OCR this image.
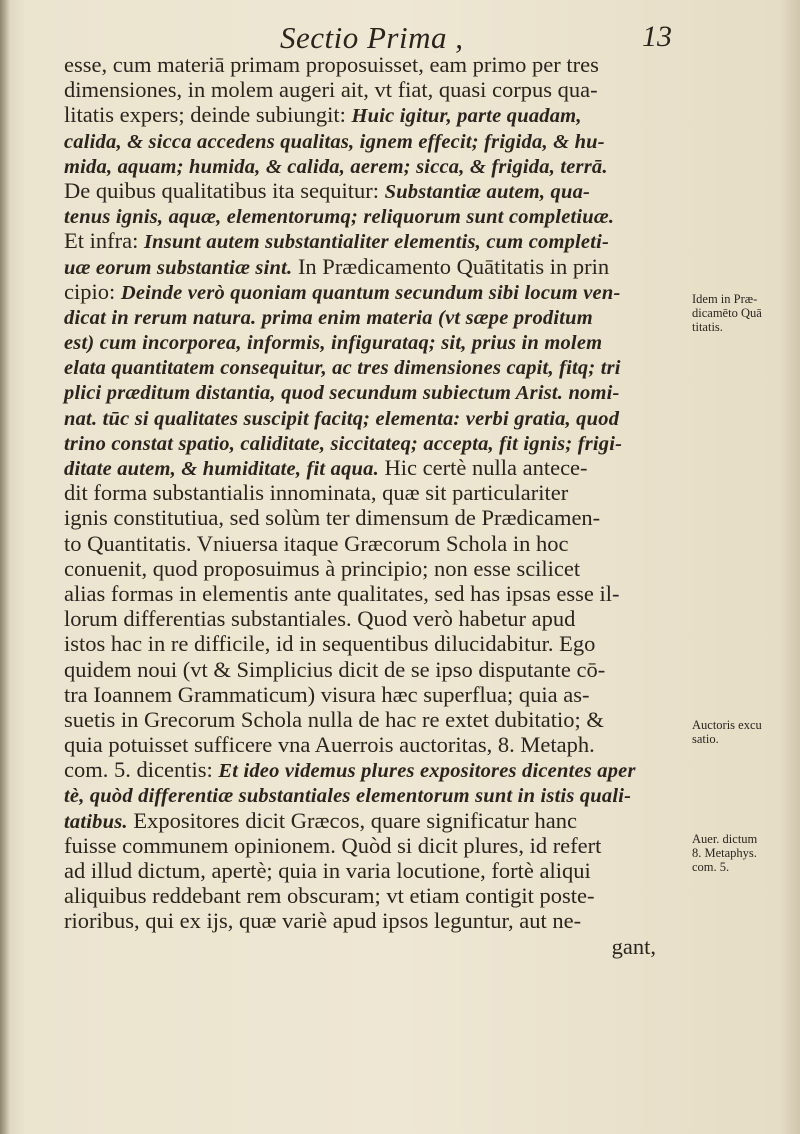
Sectio Prima ,	13
esse, cum materiā primam proposuisset, eam primo per tres
dimensiones, in molem augeri ait, vt fiat, quasi corpus qua-
litatis expers; deinde subiungit: Huic igitur, parte quadam,
calida, & sicca accedens qualitas, ignem effecit; frigida, & hu-
mida, aquam; humida, & calida, aerem; sicca, & frigida, terrā.
De quibus qualitatibus ita sequitur: Substantiæ autem, qua-
tenus ignis, aquæ, elementorumq; reliquorum sunt completiuæ.
Et infra: Insunt autem substantialiter elementis, cum completi-
uæ eorum substantiæ sint. In Prædicamento Quātitatis in prin
cipio: Deinde verò quoniam quantum secundum sibi locum ven-
dicat in rerum natura. prima enim materia (vt sæpe proditum
est) cum incorporea, informis, infigurataq; sit, prius in molem
elata quantitatem consequitur, ac tres dimensiones capit, fitq; tri
plici præditum distantia, quod secundum subiectum Arist. nomi-
nat. tūc si qualitates suscipit facitq; elementa: verbi gratia, quod
trino constat spatio, caliditate, siccitateq; accepta, fit ignis; frigi-
ditate autem, & humiditate, fit aqua. Hic certè nulla antece-
dit forma substantialis innominata, quæ sit particulariter
ignis constitutiua, sed solùm ter dimensum de Prædicamen-
to Quantitatis. Vniuersa itaque Græcorum Schola in hoc
conuenit, quod proposuimus à principio; non esse scilicet
alias formas in elementis ante qualitates, sed has ipsas esse il-
lorum differentias substantiales. Quod verò habetur apud
istos hac in re difficile, id in sequentibus dilucidabitur. Ego
quidem noui (vt & Simplicius dicit de se ipso disputante cō-
tra Ioannem Grammaticum) visura hæc superflua; quia as-
suetis in Grecorum Schola nulla de hac re extet dubitatio; &
quia potuisset sufficere vna Auerrois auctoritas, 8. Metaph.
com. 5. dicentis: Et ideo videmus plures expositores dicentes aper
tè, quòd differentiæ substantiales elementorum sunt in istis quali-
tatibus. Expositores dicit Græcos, quare significatur hanc
fuisse communem opinionem. Quòd si dicit plures, id refert
ad illud dictum, apertè; quia in varia locutione, fortè aliqui
aliquibus reddebant rem obscuram; vt etiam contigit poste-
rioribus, qui ex ijs, quæ variè apud ipsos leguntur, aut ne-
gant,
Idem in Præ-
dicamēto Quā
titatis.
Auctoris excu
satio.
Auer. dictum
8. Metaphys.
com. 5.
